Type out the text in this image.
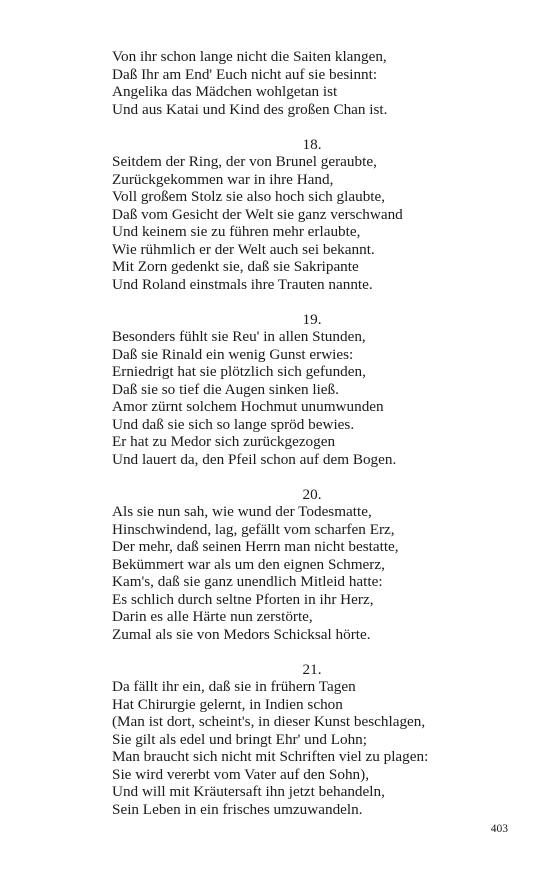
Von ihr schon lange nicht die Saiten klangen,
Daß Ihr am End' Euch nicht auf sie besinnt:
Angelika das Mädchen wohlgetan ist
Und aus Katai und Kind des großen Chan ist.
18.
Seitdem der Ring, der von Brunel geraubte,
Zurückgekommen war in ihre Hand,
Voll großem Stolz sie also hoch sich glaubte,
Daß vom Gesicht der Welt sie ganz verschwand
Und keinem sie zu führen mehr erlaubte,
Wie rühmlich er der Welt auch sei bekannt.
Mit Zorn gedenkt sie, daß sie Sakripante
Und Roland einstmals ihre Trauten nannte.
19.
Besonders fühlt sie Reu' in allen Stunden,
Daß sie Rinald ein wenig Gunst erwies:
Erniedrigt hat sie plötzlich sich gefunden,
Daß sie so tief die Augen sinken ließ.
Amor zürnt solchem Hochmut unumwunden
Und daß sie sich so lange spröd bewies.
Er hat zu Medor sich zurückgezogen
Und lauert da, den Pfeil schon auf dem Bogen.
20.
Als sie nun sah, wie wund der Todesmatte,
Hinschwindend, lag, gefällt vom scharfen Erz,
Der mehr, daß seinen Herrn man nicht bestatte,
Bekümmert war als um den eignen Schmerz,
Kam's, daß sie ganz unendlich Mitleid hatte:
Es schlich durch seltne Pforten in ihr Herz,
Darin es alle Härte nun zerstörte,
Zumal als sie von Medors Schicksal hörte.
21.
Da fällt ihr ein, daß sie in frühern Tagen
Hat Chirurgie gelernt, in Indien schon
(Man ist dort, scheint's, in dieser Kunst beschlagen,
Sie gilt als edel und bringt Ehr' und Lohn;
Man braucht sich nicht mit Schriften viel zu plagen:
Sie wird vererbt vom Vater auf den Sohn),
Und will mit Kräutersaft ihn jetzt behandeln,
Sein Leben in ein frisches umzuwandeln.
403
